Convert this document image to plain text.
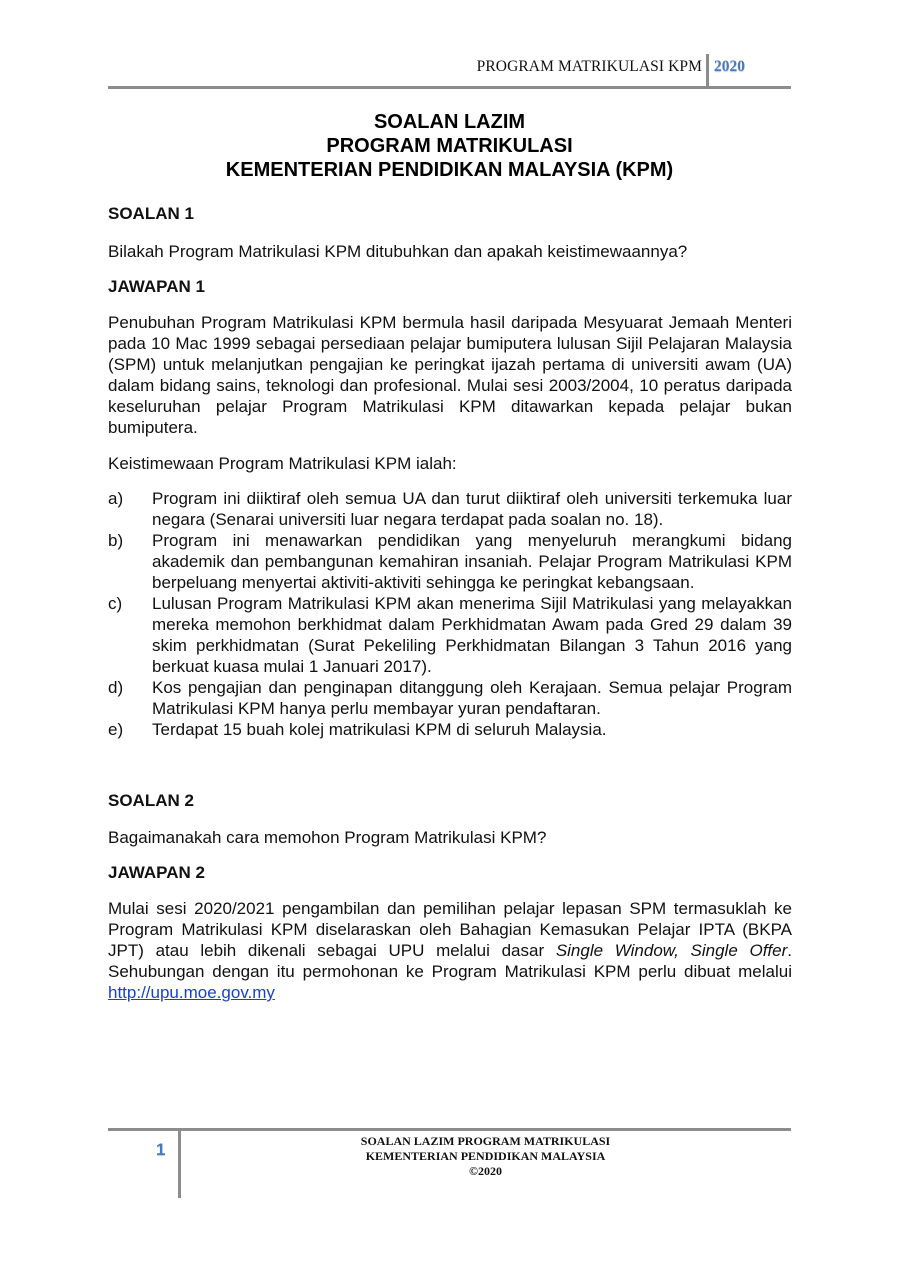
PROGRAM MATRIKULASI KPM 2020
SOALAN LAZIM
PROGRAM MATRIKULASI
KEMENTERIAN PENDIDIKAN MALAYSIA (KPM)
SOALAN 1
Bilakah Program Matrikulasi KPM ditubuhkan dan apakah keistimewaannya?
JAWAPAN 1
Penubuhan Program Matrikulasi KPM bermula hasil daripada Mesyuarat Jemaah Menteri pada 10 Mac 1999 sebagai persediaan pelajar bumiputera lulusan Sijil Pelajaran Malaysia (SPM) untuk melanjutkan pengajian ke peringkat ijazah pertama di universiti awam (UA) dalam bidang sains, teknologi dan profesional. Mulai sesi 2003/2004, 10 peratus daripada keseluruhan pelajar Program Matrikulasi KPM ditawarkan kepada pelajar bukan bumiputera.
Keistimewaan Program Matrikulasi KPM ialah:
a)	Program ini diiktiraf oleh semua UA dan turut diiktiraf oleh universiti terkemuka luar negara (Senarai universiti luar negara terdapat pada soalan no. 18).
b)	Program ini menawarkan pendidikan yang menyeluruh merangkumi bidang akademik dan pembangunan kemahiran insaniah. Pelajar Program Matrikulasi KPM berpeluang menyertai aktiviti-aktiviti sehingga ke peringkat kebangsaan.
c)	Lulusan Program Matrikulasi KPM akan menerima Sijil Matrikulasi yang melayakkan mereka memohon berkhidmat dalam Perkhidmatan Awam pada Gred 29 dalam 39 skim perkhidmatan (Surat Pekeliling Perkhidmatan Bilangan 3 Tahun 2016 yang berkuat kuasa mulai 1 Januari 2017).
d)	Kos pengajian dan penginapan ditanggung oleh Kerajaan. Semua pelajar Program Matrikulasi KPM hanya perlu membayar yuran pendaftaran.
e)	Terdapat 15 buah kolej matrikulasi KPM di seluruh Malaysia.
SOALAN 2
Bagaimanakah cara memohon Program Matrikulasi KPM?
JAWAPAN 2
Mulai sesi 2020/2021 pengambilan dan pemilihan pelajar lepasan SPM termasuklah ke Program Matrikulasi KPM diselaraskan oleh Bahagian Kemasukan Pelajar IPTA (BKPA JPT) atau lebih dikenali sebagai UPU melalui dasar Single Window, Single Offer. Sehubungan dengan itu permohonan ke Program Matrikulasi KPM perlu dibuat melalui http://upu.moe.gov.my
1	SOALAN LAZIM PROGRAM MATRIKULASI
KEMENTERIAN PENDIDIKAN MALAYSIA
©2020
